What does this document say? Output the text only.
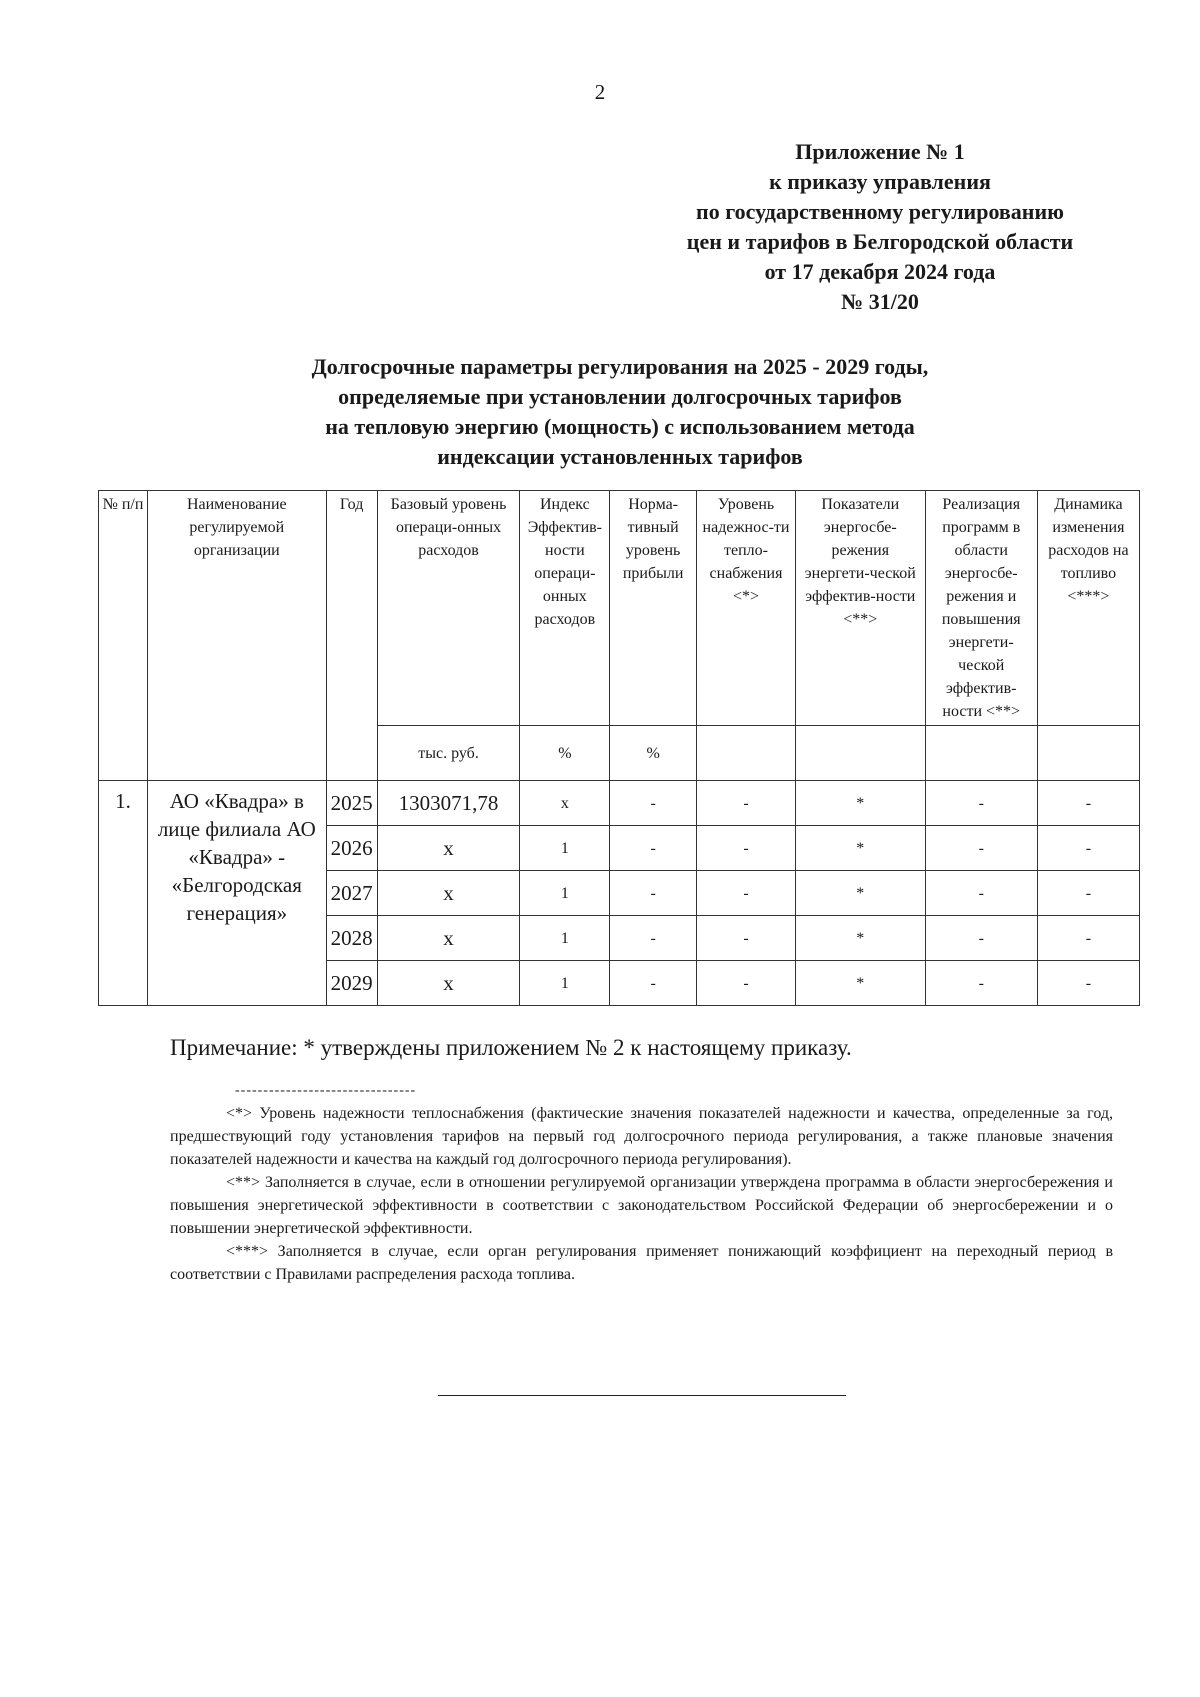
2
Приложение № 1
к приказу управления
по государственному регулированию
цен и тарифов в Белгородской области
от 17 декабря 2024 года
№ 31/20
Долгосрочные параметры регулирования на 2025 - 2029 годы,
определяемые при установлении долгосрочных тарифов
на тепловую энергию (мощность) с использованием метода
индексации установленных тарифов
№ п/п	Наименование регулируемой организации	Год	Базовый уровень операци-онных расходов	Индекс Эффектив-ности операци-онных расходов	Норма-тивный уровень прибыли	Уровень надежнос-ти тепло-снабжения <*>	Показатели энергосбе-режения энергети-ческой эффектив-ности <**>	Реализация программ в области энергосбе-режения и повышения энергети-ческой эффектив-ности <**>	Динамика изменения расходов на топливо <***>
			тыс. руб.	%	%				
1.	АО «Квадра» в лице филиала АО «Квадра» - «Белгородская генерация»	2025	1303071,78	х	-	-	*	-	-
		2026	х	1	-	-	*	-	-
		2027	х	1	-	-	*	-	-
		2028	х	1	-	-	*	-	-
		2029	х	1	-	-	*	-	-
Примечание: * утверждены приложением № 2 к настоящему приказу.
--------------------------------

<*> Уровень надежности теплоснабжения (фактические значения показателей надежности и качества, определенные за год, предшествующий году установления тарифов на первый год долгосрочного периода регулирования, а также плановые значения показателей надежности и качества на каждый год долгосрочного периода регулирования).

<**> Заполняется в случае, если в отношении регулируемой организации утверждена программа в области энергосбережения и повышения энергетической эффективности в соответствии с законодательством Российской Федерации об энергосбережении и о повышении энергетической эффективности.

<***> Заполняется в случае, если орган регулирования применяет понижающий коэффициент на переходный период в соответствии с Правилами распределения расхода топлива.
